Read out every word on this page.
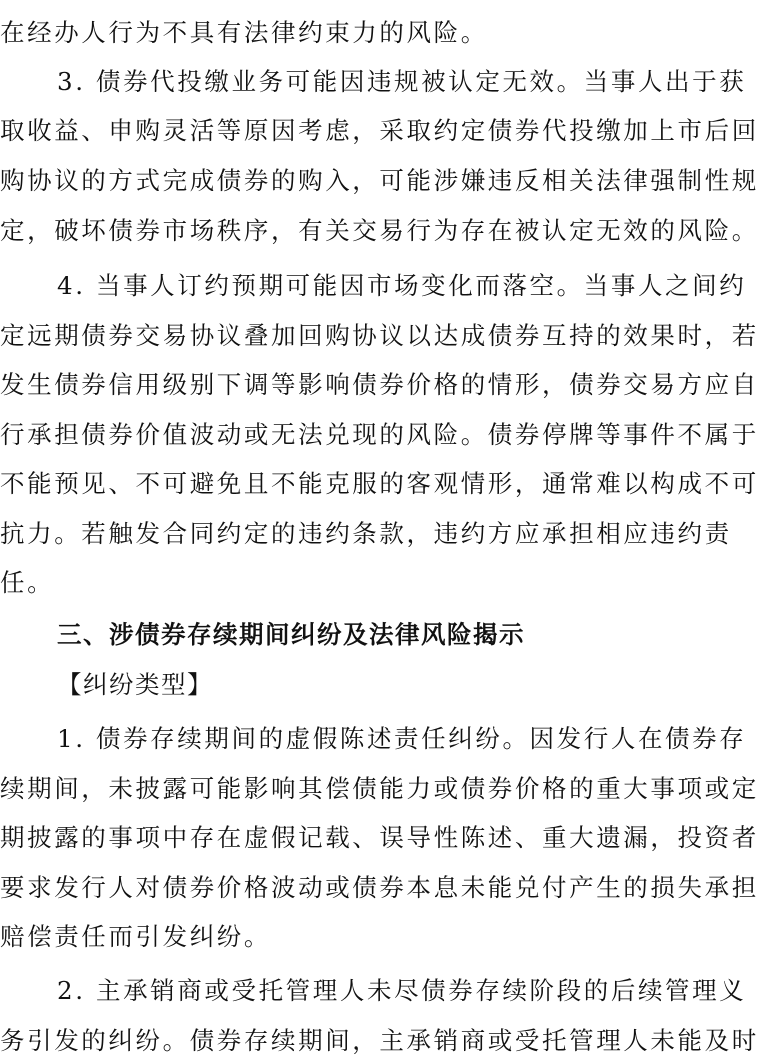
在经办人行为不具有法律约束力的风险。
3. 债券代投缴业务可能因违规被认定无效。当事人出于获
取收益、申购灵活等原因考虑，采取约定债券代投缴加上市后回
购协议的方式完成债券的购入，可能涉嫌违反相关法律强制性规
定，破坏债券市场秩序，有关交易行为存在被认定无效的风险。
4. 当事人订约预期可能因市场变化而落空。当事人之间约
定远期债券交易协议叠加回购协议以达成债券互持的效果时，若
发生债券信用级别下调等影响债券价格的情形，债券交易方应自
行承担债券价值波动或无法兑现的风险。债券停牌等事件不属于
不能预见、不可避免且不能克服的客观情形，通常难以构成不可
抗力。若触发合同约定的违约条款，违约方应承担相应违约责
任。
三、涉债券存续期间纠纷及法律风险揭示
【纠纷类型】
1. 债券存续期间的虚假陈述责任纠纷。因发行人在债券存
续期间，未披露可能影响其偿债能力或债券价格的重大事项或定
期披露的事项中存在虚假记载、误导性陈述、重大遗漏，投资者
要求发行人对债券价格波动或债券本息未能兑付产生的损失承担
赔偿责任而引发纠纷。
2. 主承销商或受托管理人未尽债券存续阶段的后续管理义
务引发的纠纷。债券存续期间，主承销商或受托管理人未能及时
